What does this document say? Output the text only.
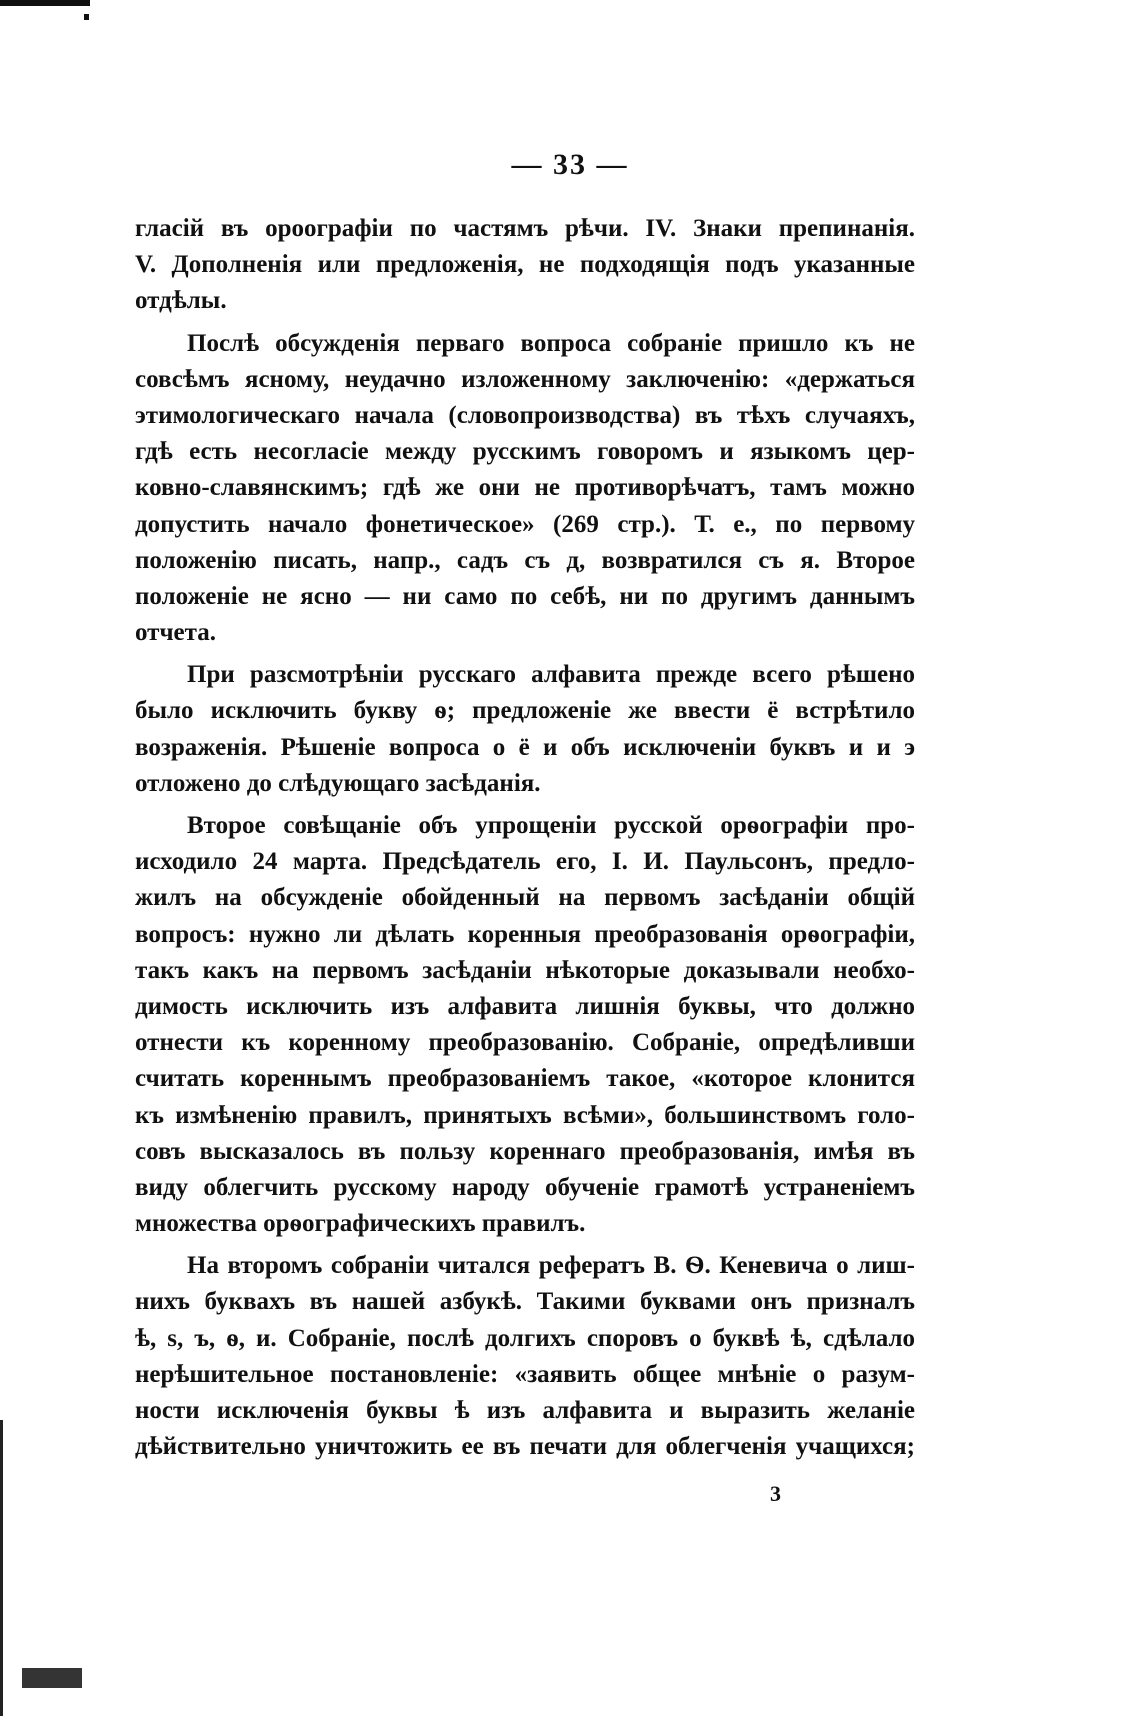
— 33 —
гласій въ ороографіи по частямъ рѣчи. IV. Знаки препинанія.
V. Дополненія или предложенія, не подходящія подъ указанные
отдѣлы.
Послѣ обсужденія перваго вопроса собраніе пришло къ не
совсѣмъ ясному, неудачно изложенному заключенію: «держаться
этимологическаго начала (словопроизводства) въ тѣхъ случаяхъ,
гдѣ есть несогласіе между русскимъ говоромъ и языкомъ цер-
ковно-славянскимъ; гдѣ же они не противорѣчатъ, тамъ можно
допустить начало фонетическое» (269 стр.). Т. е., по первому
положенію писать, напр., садъ съ д, возвратился съ я. Второе
положеніе не ясно — ни само по себѣ, ни по другимъ даннымъ
отчета.
При разсмотрѣніи русскаго алфавита прежде всего рѣшено
было исключить букву ѳ; предложеніе же ввести ё встрѣтило
возраженія. Рѣшеніе вопроса о ё и объ исключеніи буквъ и и э
отложено до слѣдующаго засѣданія.
Второе совѣщаніе объ упрощеніи русской орѳографіи про-
исходило 24 марта. Предсѣдатель его, I. И. Паульсонъ, предло-
жилъ на обсужденіе обойденный на первомъ засѣданіи общій
вопросъ: нужно ли дѣлать коренныя преобразованія орѳографіи,
такъ какъ на первомъ засѣданіи нѣкоторые доказывали необхо-
димость исключить изъ алфавита лишнія буквы, что должно
отнести къ коренному преобразованію. Собраніе, опредѣливши
считать кореннымъ преобразованіемъ такое, «которое клонится
къ измѣненію правилъ, принятыхъ всѣми», большинствомъ голо-
совъ высказалось въ пользу кореннаго преобразованія, имѣя въ
виду облегчить русскому народу обученіе грамотѣ устраненіемъ
множества орѳографическихъ правилъ.
На второмъ собраніи читался рефератъ В. Ѳ. Кеневича о лиш-
нихъ буквахъ въ нашей азбукѣ. Такими буквами онъ призналъ
ѣ, ѕ, ъ, ѳ, и. Собраніе, послѣ долгихъ споровъ о буквѣ ѣ, сдѣлало
нерѣшительное постановленіе: «заявить общее мнѣніе о разум-
ности исключенія буквы ѣ изъ алфавита и выразить желаніе
дѣйствительно уничтожить ее въ печати для облегченія учащихся;
3
